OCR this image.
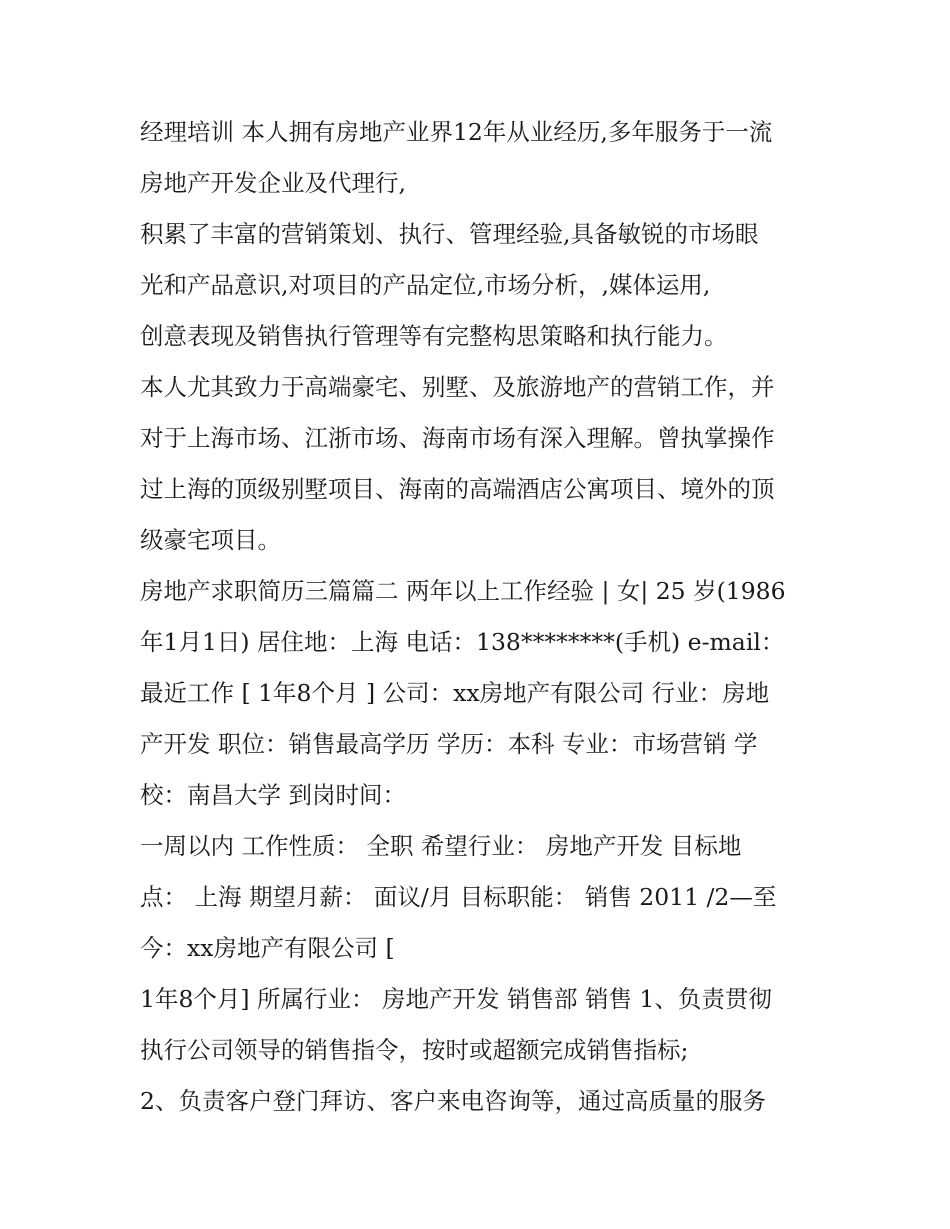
经理培训 本人拥有房地产业界12年从业经历,多年服务于一流
房地产开发企业及代理行,
积累了丰富的营销策划、执行、管理经验,具备敏锐的市场眼
光和产品意识,对项目的产品定位,市场分析，,媒体运用,
创意表现及销售执行管理等有完整构思策略和执行能力。
本人尤其致力于高端豪宅、别墅、及旅游地产的营销工作，并
对于上海市场、江浙市场、海南市场有深入理解。曾执掌操作
过上海的顶级别墅项目、海南的高端酒店公寓项目、境外的顶
级豪宅项目。
房地产求职简历三篇篇二 两年以上工作经验 | 女| 25 岁(1986
年1月1日) 居住地：上海 电话：138********(手机) e-mail：
最近工作 [ 1年8个月 ] 公司：xx房地产有限公司 行业：房地
产开发 职位：销售最高学历 学历：本科 专业：市场营销 学
校：南昌大学 到岗时间：
一周以内 工作性质： 全职 希望行业： 房地产开发 目标地
点： 上海 期望月薪： 面议/月 目标职能： 销售 2011 /2—至
今：xx房地产有限公司 [
1年8个月] 所属行业： 房地产开发 销售部 销售 1、负责贯彻
执行公司领导的销售指令，按时或超额完成销售指标;
2、负责客户登门拜访、客户来电咨询等，通过高质量的服务
